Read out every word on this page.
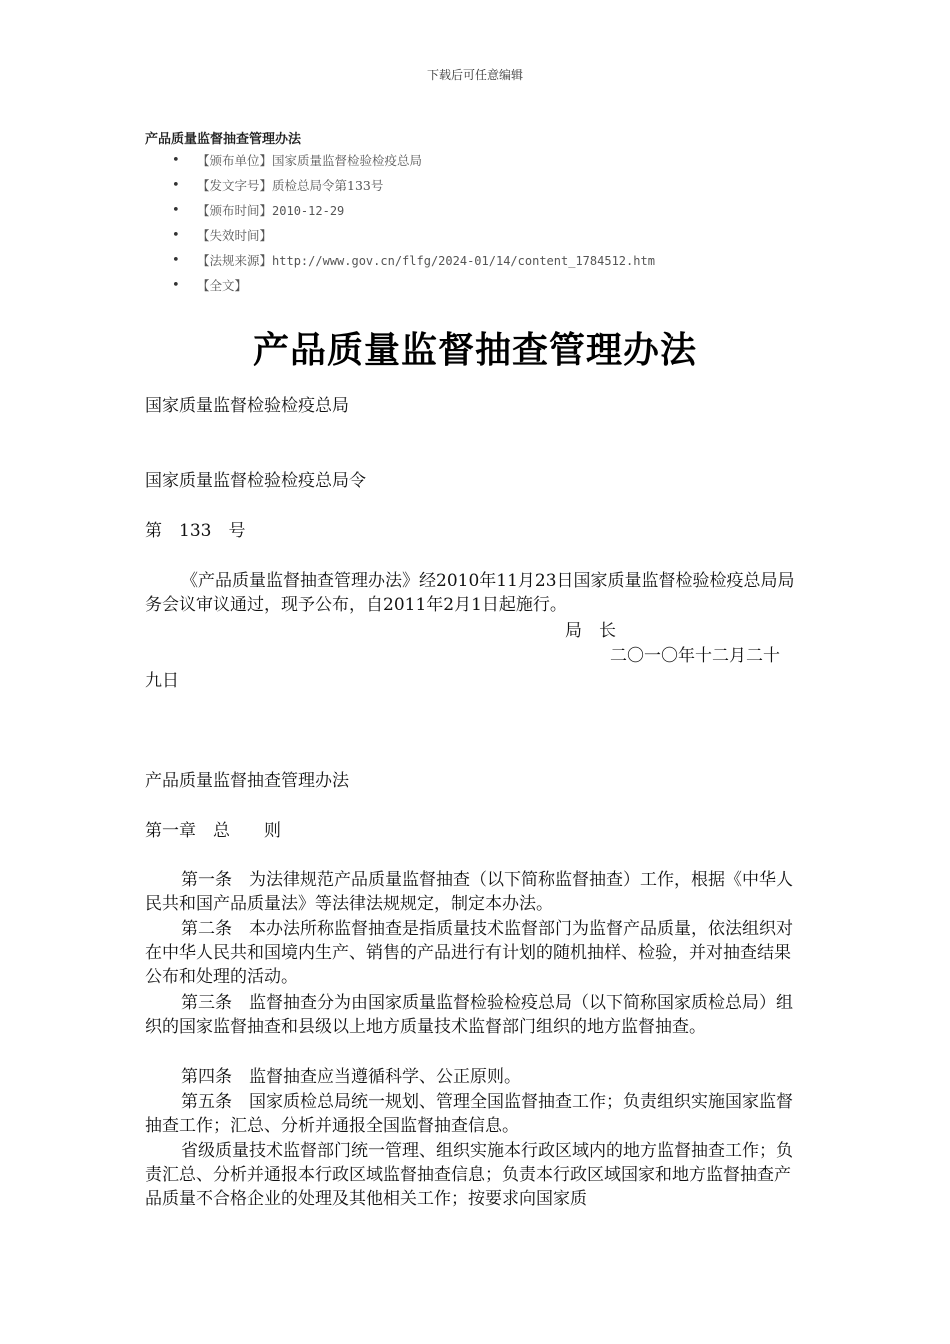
下载后可任意编辑
产品质量监督抽查管理办法
• 【颁布单位】国家质量监督检验检疫总局
• 【发文字号】质检总局令第133号
• 【颁布时间】2010-12-29
• 【失效时间】
• 【法规来源】http://www.gov.cn/flfg/2024-01/14/content_1784512.htm
• 【全文】
产品质量监督抽查管理办法
国家质量监督检验检疫总局
国家质量监督检验检疫总局令
第　133　号
《产品质量监督抽查管理办法》经2010年11月23日国家质量监督检验检疫总局局务会议审议通过，现予公布，自2011年2月1日起施行。
局　长
二〇一〇年十二月二十
九日
产品质量监督抽查管理办法
第一章　总　　则
第一条　为法律规范产品质量监督抽查（以下简称监督抽查）工作，根据《中华人民共和国产品质量法》等法律法规规定，制定本办法。
第二条　本办法所称监督抽查是指质量技术监督部门为监督产品质量，依法组织对在中华人民共和国境内生产、销售的产品进行有计划的随机抽样、检验，并对抽查结果公布和处理的活动。
第三条　监督抽查分为由国家质量监督检验检疫总局（以下简称国家质检总局）组织的国家监督抽查和县级以上地方质量技术监督部门组织的地方监督抽查。
第四条　监督抽查应当遵循科学、公正原则。
第五条　国家质检总局统一规划、管理全国监督抽查工作；负责组织实施国家监督抽查工作；汇总、分析并通报全国监督抽查信息。
省级质量技术监督部门统一管理、组织实施本行政区域内的地方监督抽查工作；负责汇总、分析并通报本行政区域监督抽查信息；负责本行政区域国家和地方监督抽查产品质量不合格企业的处理及其他相关工作；按要求向国家质
